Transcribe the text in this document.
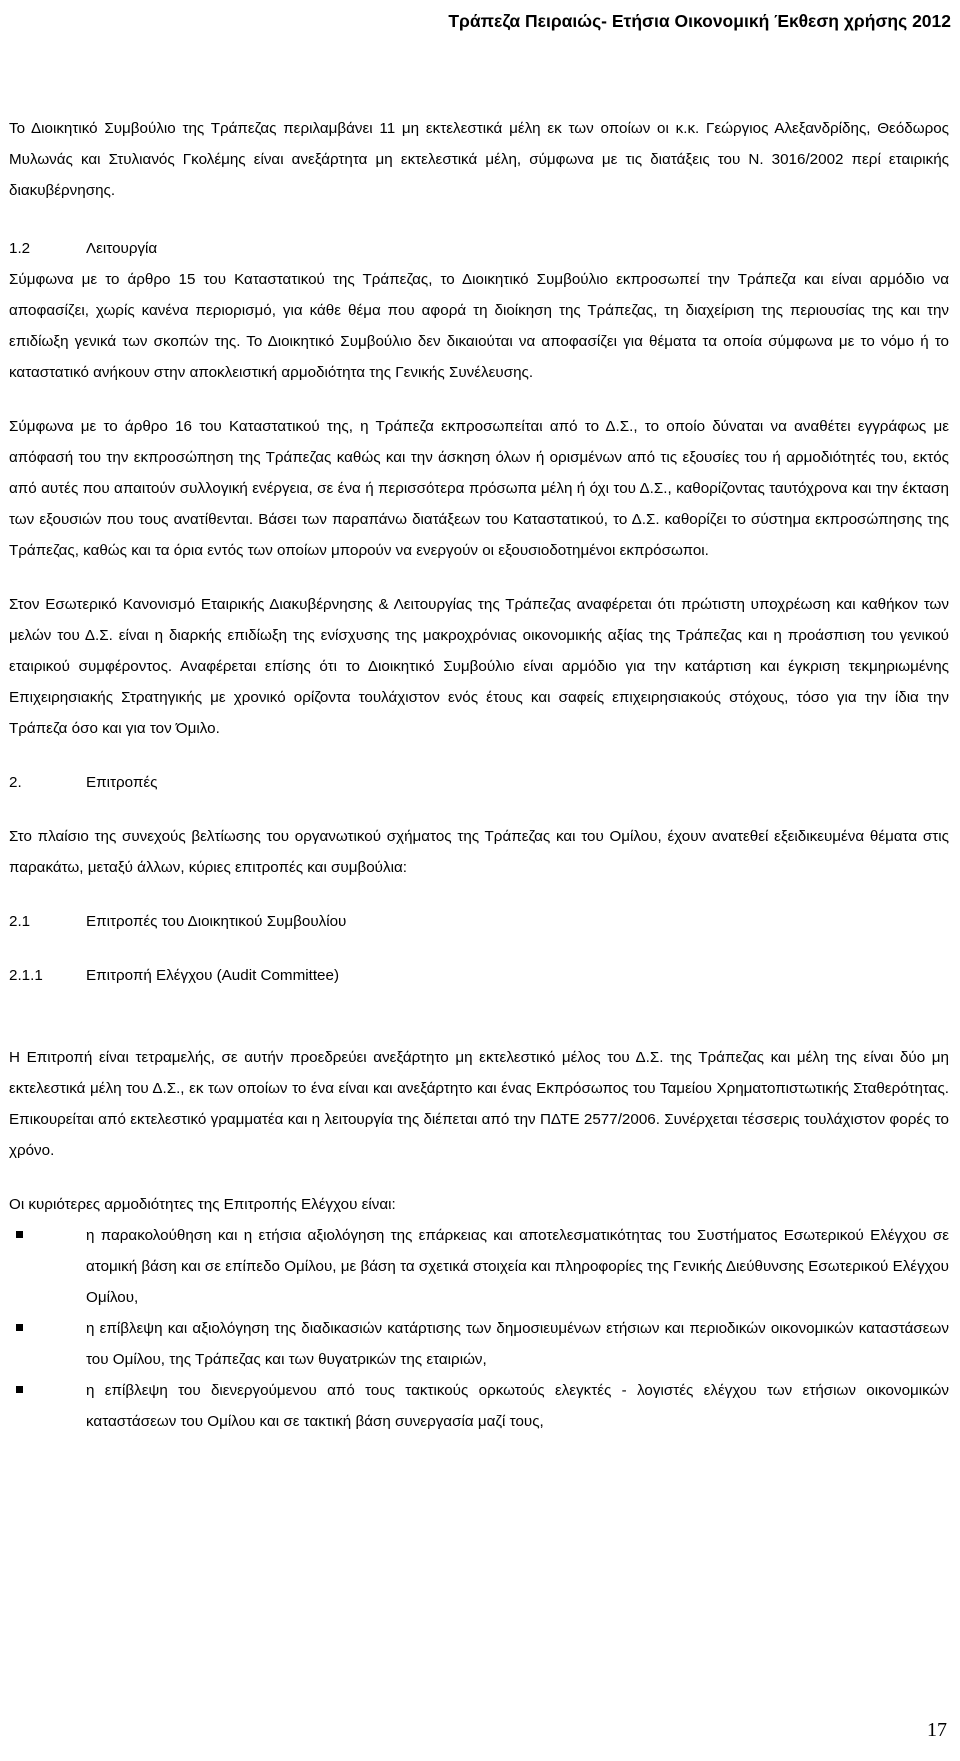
Τράπεζα Πειραιώς- Ετήσια Οικονομική Έκθεση χρήσης 2012

Το Διοικητικό Συμβούλιο της Τράπεζας περιλαμβάνει 11 μη εκτελεστικά μέλη εκ των οποίων οι κ.κ. Γεώργιος Αλεξανδρίδης, Θεόδωρος Μυλωνάς και Στυλιανός Γκολέμης είναι ανεξάρτητα μη εκτελεστικά μέλη, σύμφωνα με τις διατάξεις του Ν. 3016/2002 περί εταιρικής διακυβέρνησης.

1.2	Λειτουργία

Σύμφωνα με το άρθρο 15 του Καταστατικού της Τράπεζας, το Διοικητικό Συμβούλιο εκπροσωπεί την Τράπεζα και είναι αρμόδιο να αποφασίζει, χωρίς κανένα περιορισμό, για κάθε θέμα που αφορά τη διοίκηση της Τράπεζας, τη διαχείριση της περιουσίας της και την επιδίωξη γενικά των σκοπών της. Το Διοικητικό Συμβούλιο δεν δικαιούται να αποφασίζει για θέματα τα οποία σύμφωνα με το νόμο ή το καταστατικό ανήκουν στην αποκλειστική αρμοδιότητα της Γενικής Συνέλευσης.

Σύμφωνα με το άρθρο 16 του Καταστατικού της, η Τράπεζα εκπροσωπείται από το Δ.Σ., το οποίο δύναται να αναθέτει εγγράφως με απόφασή του την εκπροσώπηση της Τράπεζας καθώς και την άσκηση όλων ή ορισμένων από τις εξουσίες του ή αρμοδιότητές του, εκτός από αυτές που απαιτούν συλλογική ενέργεια, σε ένα ή περισσότερα πρόσωπα μέλη ή όχι του Δ.Σ., καθορίζοντας ταυτόχρονα και την έκταση των εξουσιών που τους ανατίθενται. Βάσει των παραπάνω διατάξεων του Καταστατικού, το Δ.Σ. καθορίζει το σύστημα εκπροσώπησης της Τράπεζας, καθώς και τα όρια εντός των οποίων μπορούν να ενεργούν οι εξουσιοδοτημένοι εκπρόσωποι.

Στον Εσωτερικό Κανονισμό Εταιρικής Διακυβέρνησης & Λειτουργίας της Τράπεζας αναφέρεται ότι πρώτιστη υποχρέωση και καθήκον των μελών του Δ.Σ. είναι η διαρκής επιδίωξη της ενίσχυσης της μακροχρόνιας οικονομικής αξίας της Τράπεζας και η προάσπιση του γενικού εταιρικού συμφέροντος. Αναφέρεται επίσης ότι το Διοικητικό Συμβούλιο είναι αρμόδιο για την κατάρτιση και έγκριση τεκμηριωμένης Επιχειρησιακής Στρατηγικής με χρονικό ορίζοντα τουλάχιστον ενός έτους και σαφείς επιχειρησιακούς στόχους, τόσο για την ίδια την Τράπεζα όσο και για τον Όμιλο.

2.	Επιτροπές

Στο πλαίσιο της συνεχούς βελτίωσης του οργανωτικού σχήματος της Τράπεζας και του Ομίλου, έχουν ανατεθεί εξειδικευμένα θέματα στις παρακάτω, μεταξύ άλλων, κύριες επιτροπές και συμβούλια:

2.1	Επιτροπές του Διοικητικού Συμβουλίου
2.1.1	Επιτροπή Ελέγχου (Audit Committee)

Η Επιτροπή είναι τετραμελής, σε αυτήν προεδρεύει ανεξάρτητο μη εκτελεστικό μέλος του Δ.Σ. της Τράπεζας και μέλη της είναι δύο μη εκτελεστικά μέλη του Δ.Σ., εκ των οποίων το ένα είναι και ανεξάρτητο και ένας Εκπρόσωπος του Ταμείου Χρηματοπιστωτικής Σταθερότητας. Επικουρείται από εκτελεστικό γραμματέα και η λειτουργία της διέπεται από την ΠΔΤΕ 2577/2006. Συνέρχεται τέσσερις τουλάχιστον φορές το χρόνο.

Οι κυριότερες αρμοδιότητες της Επιτροπής Ελέγχου είναι:

η παρακολούθηση και η ετήσια αξιολόγηση της επάρκειας και αποτελεσματικότητας του Συστήματος Εσωτερικού Ελέγχου σε ατομική βάση και σε επίπεδο Ομίλου, με βάση τα σχετικά στοιχεία και πληροφορίες της Γενικής Διεύθυνσης Εσωτερικού Ελέγχου Ομίλου,
η επίβλεψη και αξιολόγηση της διαδικασιών κατάρτισης των δημοσιευμένων ετήσιων και περιοδικών οικονομικών καταστάσεων του Ομίλου, της Τράπεζας και των θυγατρικών της εταιριών,
η επίβλεψη του διενεργούμενου από τους τακτικούς ορκωτούς ελεγκτές - λογιστές ελέγχου των ετήσιων οικονομικών καταστάσεων του Ομίλου και σε τακτική βάση συνεργασία μαζί τους,
17
